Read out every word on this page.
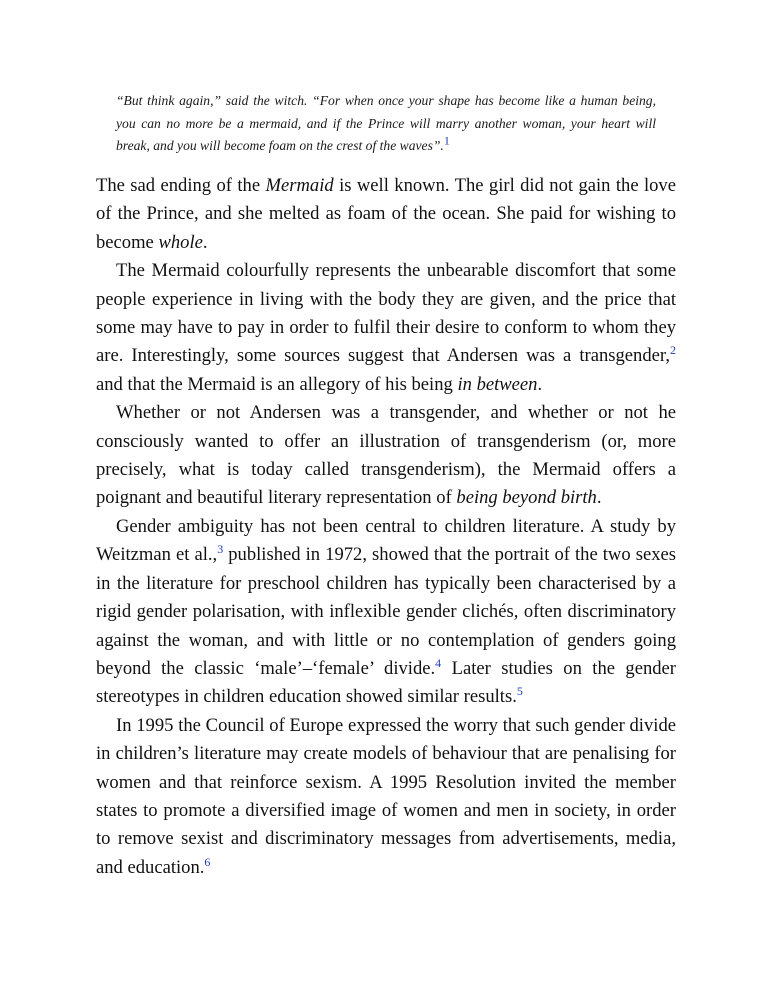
“But think again,” said the witch. “For when once your shape has become like a human being, you can no more be a mermaid, and if the Prince will marry another woman, your heart will break, and you will become foam on the crest of the waves”.1

The sad ending of the Mermaid is well known. The girl did not gain the love of the Prince, and she melted as foam of the ocean. She paid for wishing to become whole.

The Mermaid colourfully represents the unbearable discomfort that some people experience in living with the body they are given, and the price that some may have to pay in order to fulfil their desire to conform to whom they are. Interestingly, some sources suggest that Andersen was a transgender,$^2$ and that the Mermaid is an allegory of his being in between.

Whether or not Andersen was a transgender, and whether or not he consciously wanted to offer an illustration of transgenderism (or, more precisely, what is today called transgenderism), the Mermaid offers a poignant and beautiful literary representation of being beyond birth.

Gender ambiguity has not been central to children literature. A study by Weitzman et al.,$^3$ published in 1972, showed that the portrait of the two sexes in the literature for preschool children has typically been characterised by a rigid gender polarisation, with inflexible gender clichés, often discriminatory against the woman, and with little or no contemplation of genders going beyond the classic ‘male’–‘female’ divide.$^4$ Later studies on the gender stereotypes in children education showed similar results.$^5$

In 1995 the Council of Europe expressed the worry that such gender divide in children’s literature may create models of behaviour that are penalising for women and that reinforce sexism. A 1995 Resolution invited the member states to promote a diversified image of women and men in society, in order to remove sexist and discriminatory messages from advertisements, media, and education.$^6$
